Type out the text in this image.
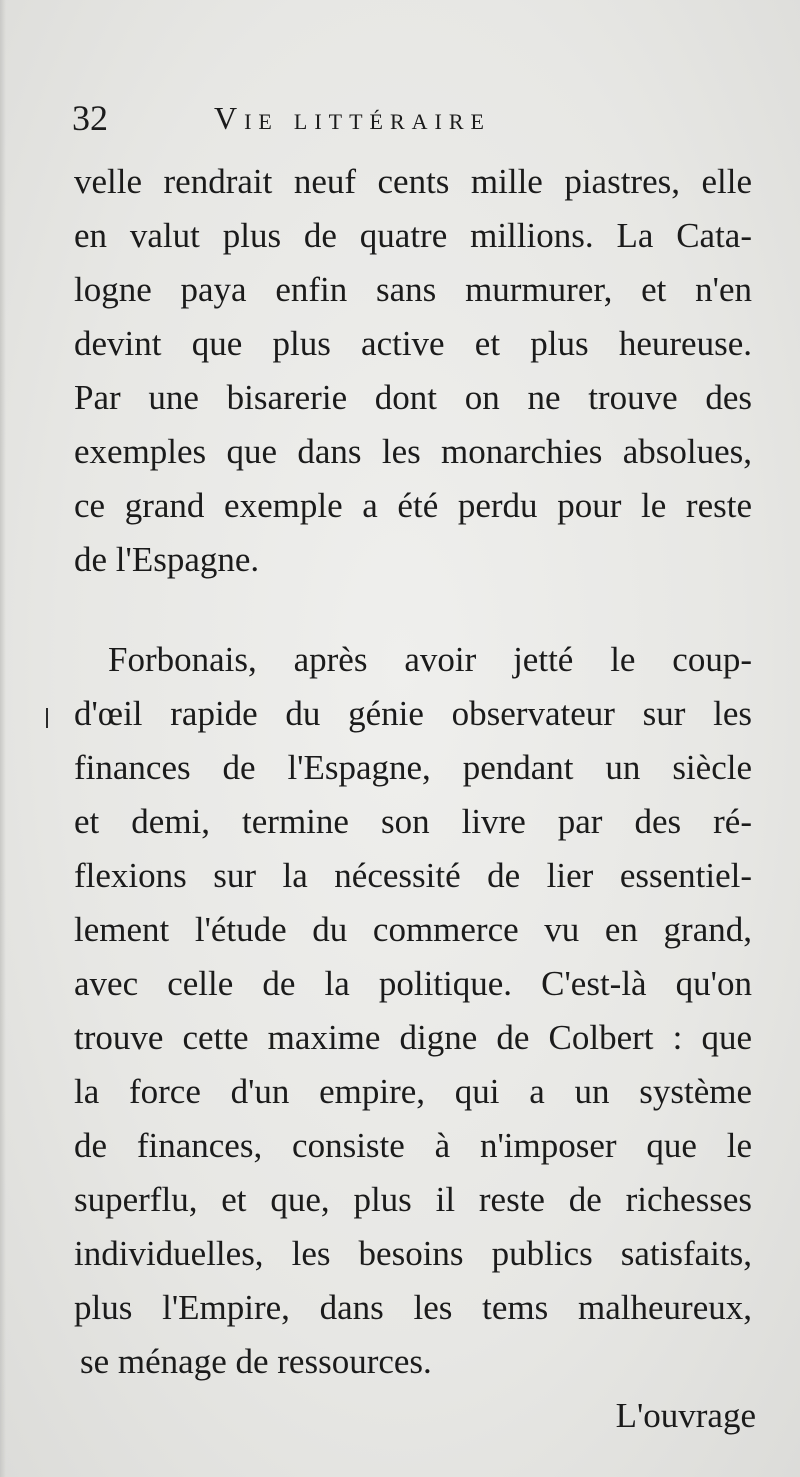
32	Vie littéraire
velle rendrait neuf cents mille piastres, elle
en valut plus de quatre millions. La Cata-
logne paya enfin sans murmurer, et n'en
devint que plus active et plus heureuse.
Par une bisarerie dont on ne trouve des
exemples que dans les monarchies absolues,
ce grand exemple a été perdu pour le reste
de l'Espagne.
Forbonais, après avoir jetté le coup-
d'œil rapide du génie observateur sur les
finances de l'Espagne, pendant un siècle
et demi, termine son livre par des ré-
flexions sur la nécessité de lier essentiel-
lement l'étude du commerce vu en grand,
avec celle de la politique. C'est-là qu'on
trouve cette maxime digne de Colbert : que
la force d'un empire, qui a un système
de finances, consiste à n'imposer que le
superflu, et que, plus il reste de richesses
individuelles, les besoins publics satisfaits,
plus l'Empire, dans les tems malheureux,
se ménage de ressources.
L'ouvrage
